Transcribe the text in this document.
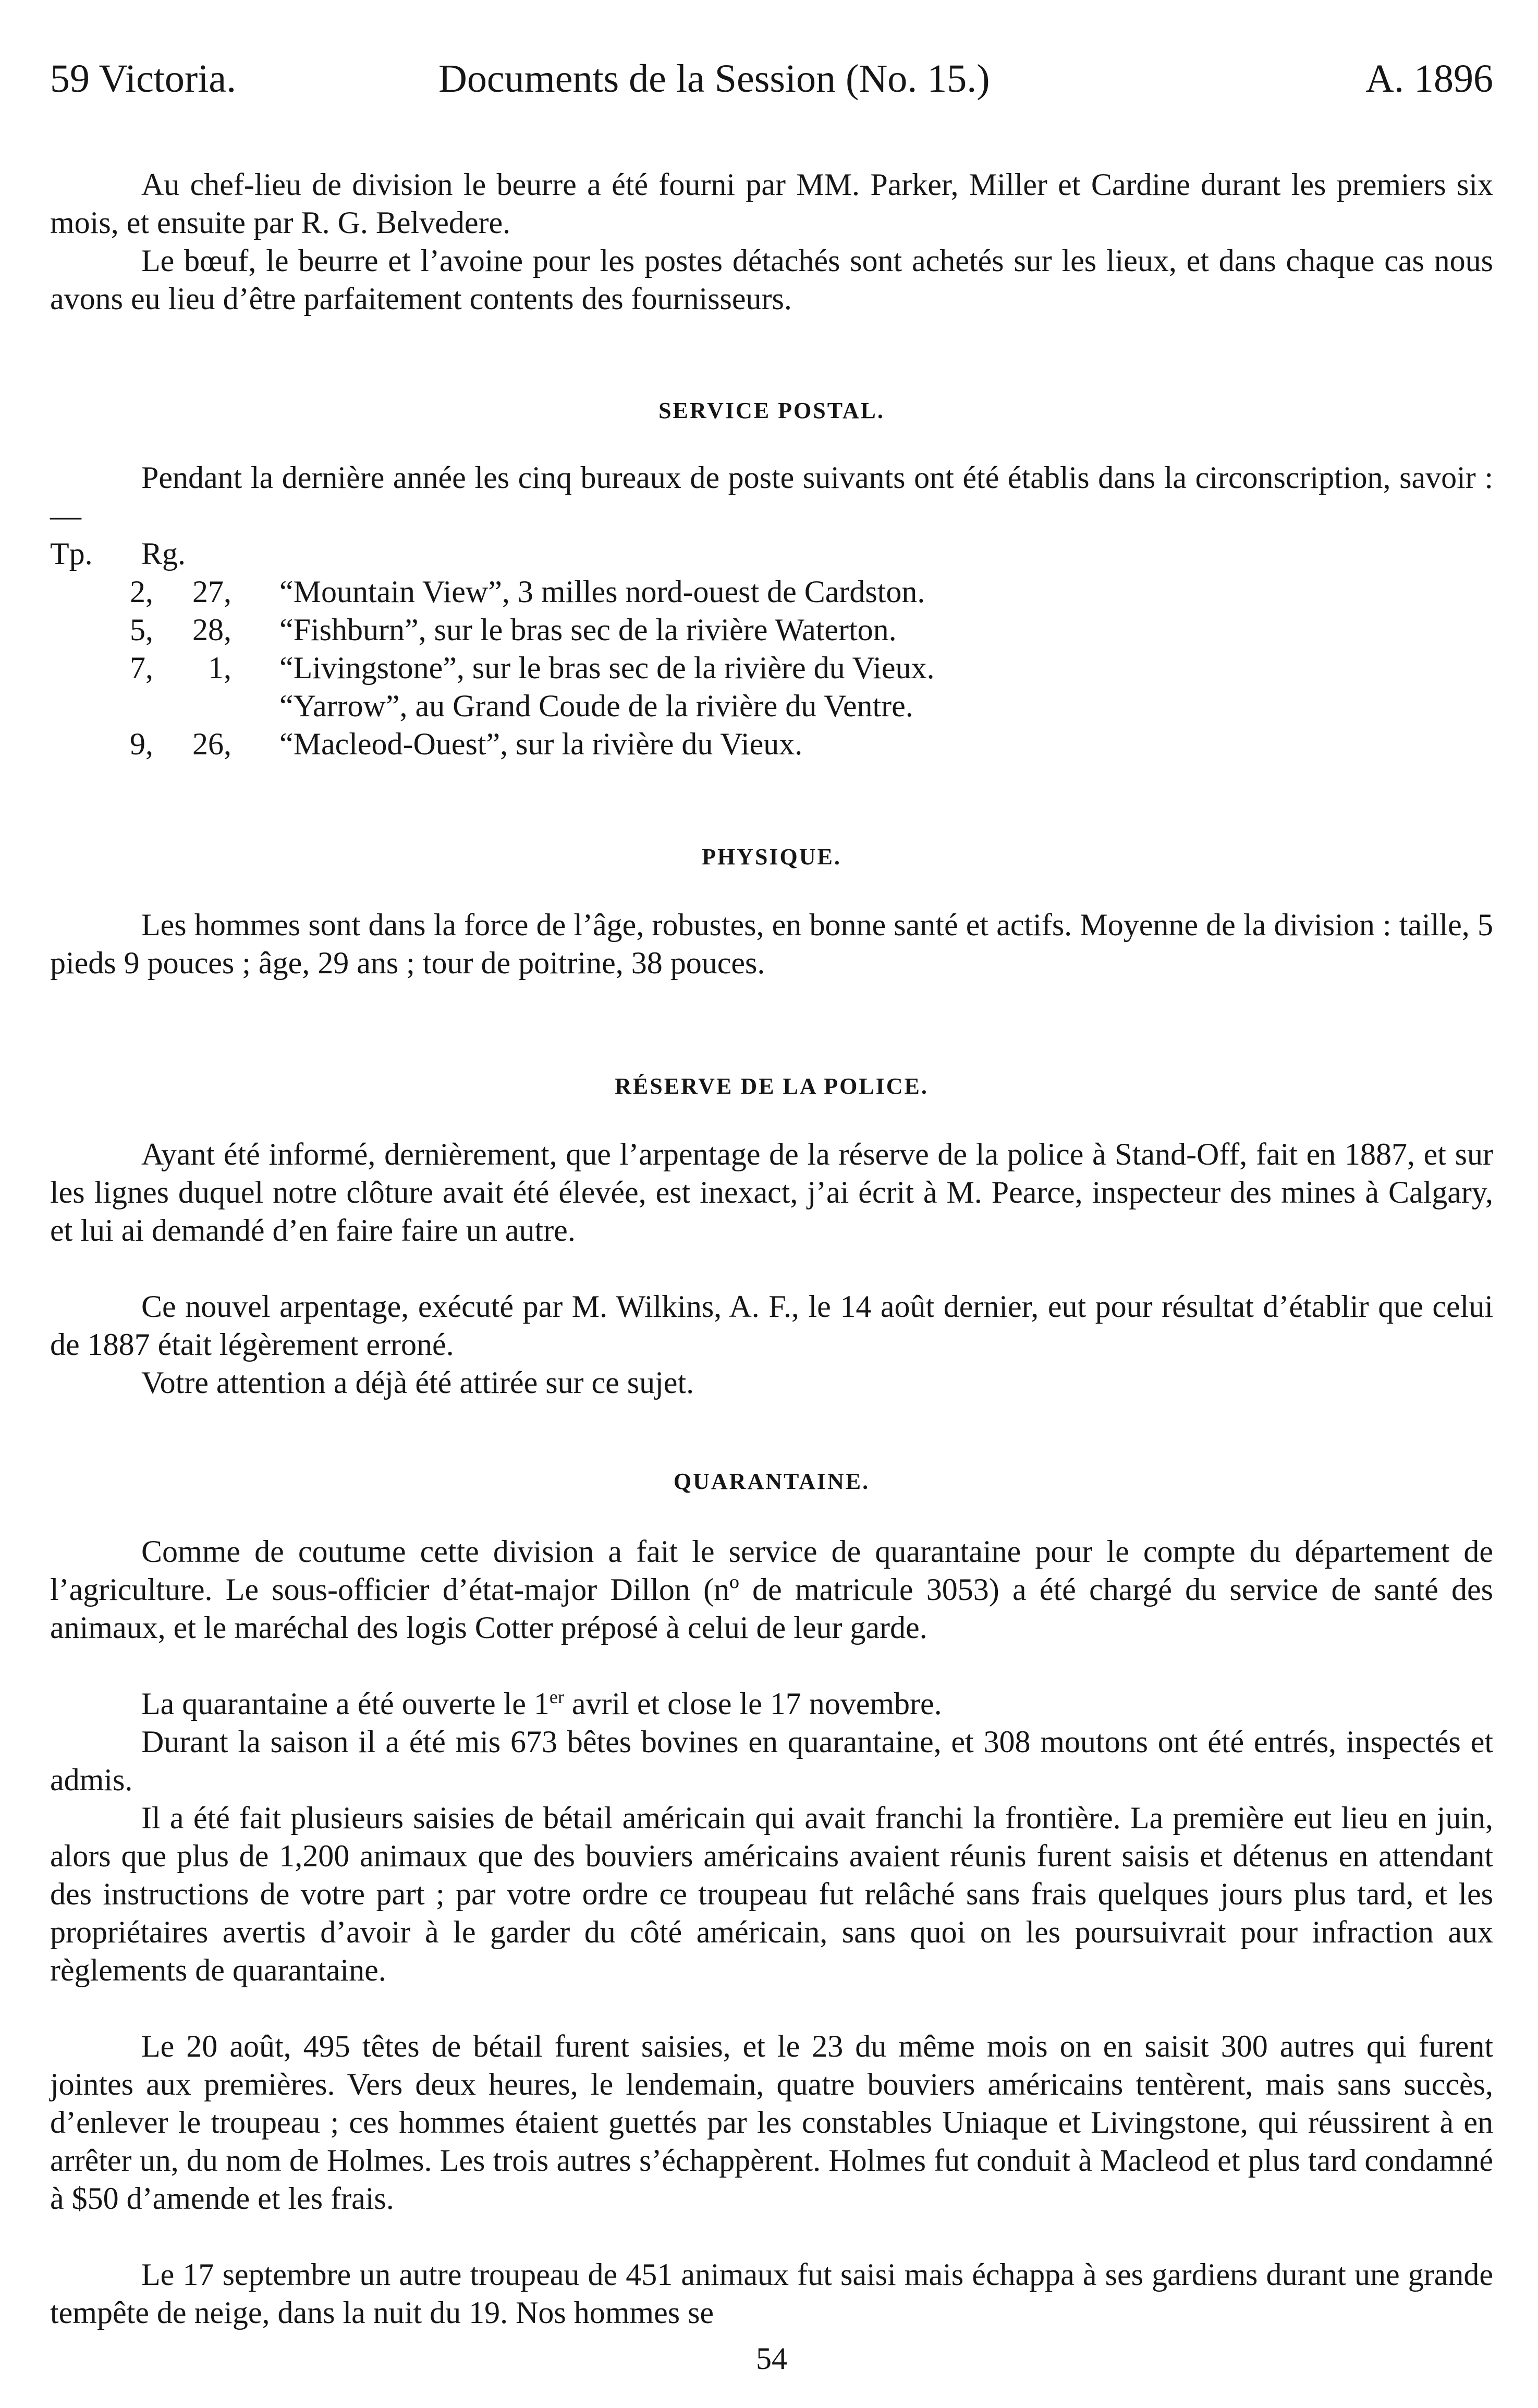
59 Victoria.	Documents de la Session (No. 15.)	A. 1896

Au chef-lieu de division le beurre a été fourni par MM. Parker, Miller et Cardine durant les premiers six mois, et ensuite par R. G. Belvedere.

Le bœuf, le beurre et l’avoine pour les postes détachés sont achetés sur les lieux, et dans chaque cas nous avons eu lieu d’être parfaitement contents des fournisseurs.

SERVICE POSTAL.

Pendant la dernière année les cinq bureaux de poste suivants ont été établis dans la circonscription, savoir :—

Tp. Rg.
2, 27, “Mountain View”, 3 milles nord-ouest de Cardston.
5, 28, “Fishburn”, sur le bras sec de la rivière Waterton.
7, 1, “Livingstone”, sur le bras sec de la rivière du Vieux.
“Yarrow”, au Grand Coude de la rivière du Ventre.
9, 26, “Macleod-Ouest”, sur la rivière du Vieux.
PHYSIQUE.

Les hommes sont dans la force de l’âge, robustes, en bonne santé et actifs. Moyenne de la division : taille, 5 pieds 9 pouces ; âge, 29 ans ; tour de poitrine, 38 pouces.

RÉSERVE DE LA POLICE.

Ayant été informé, dernièrement, que l’arpentage de la réserve de la police à Stand-Off, fait en 1887, et sur les lignes duquel notre clôture avait été élevée, est inexact, j’ai écrit à M. Pearce, inspecteur des mines à Calgary, et lui ai demandé d’en faire faire un autre.

Ce nouvel arpentage, exécuté par M. Wilkins, A. F., le 14 août dernier, eut pour résultat d’établir que celui de 1887 était légèrement erroné.

Votre attention a déjà été attirée sur ce sujet.

QUARANTAINE.

Comme de coutume cette division a fait le service de quarantaine pour le compte du département de l’agriculture. Le sous-officier d’état-major Dillon (nº de matricule 3053) a été chargé du service de santé des animaux, et le maréchal des logis Cotter préposé à celui de leur garde.

La quarantaine a été ouverte le 1er avril et close le 17 novembre.

Durant la saison il a été mis 673 bêtes bovines en quarantaine, et 308 moutons ont été entrés, inspectés et admis.

Il a été fait plusieurs saisies de bétail américain qui avait franchi la frontière. La première eut lieu en juin, alors que plus de 1,200 animaux que des bouviers américains avaient réunis furent saisis et détenus en attendant des instructions de votre part ; par votre ordre ce troupeau fut relâché sans frais quelques jours plus tard, et les propriétaires avertis d’avoir à le garder du côté américain, sans quoi on les poursuivrait pour infraction aux règlements de quarantaine.

Le 20 août, 495 têtes de bétail furent saisies, et le 23 du même mois on en saisit 300 autres qui furent jointes aux premières. Vers deux heures, le lendemain, quatre bouviers américains tentèrent, mais sans succès, d’enlever le troupeau ; ces hommes étaient guettés par les constables Uniaque et Livingstone, qui réussirent à en arrêter un, du nom de Holmes. Les trois autres s’échappèrent. Holmes fut conduit à Macleod et plus tard condamné à $50 d’amende et les frais.

Le 17 septembre un autre troupeau de 451 animaux fut saisi mais échappa à ses gardiens durant une grande tempête de neige, dans la nuit du 19. Nos hommes se

54
